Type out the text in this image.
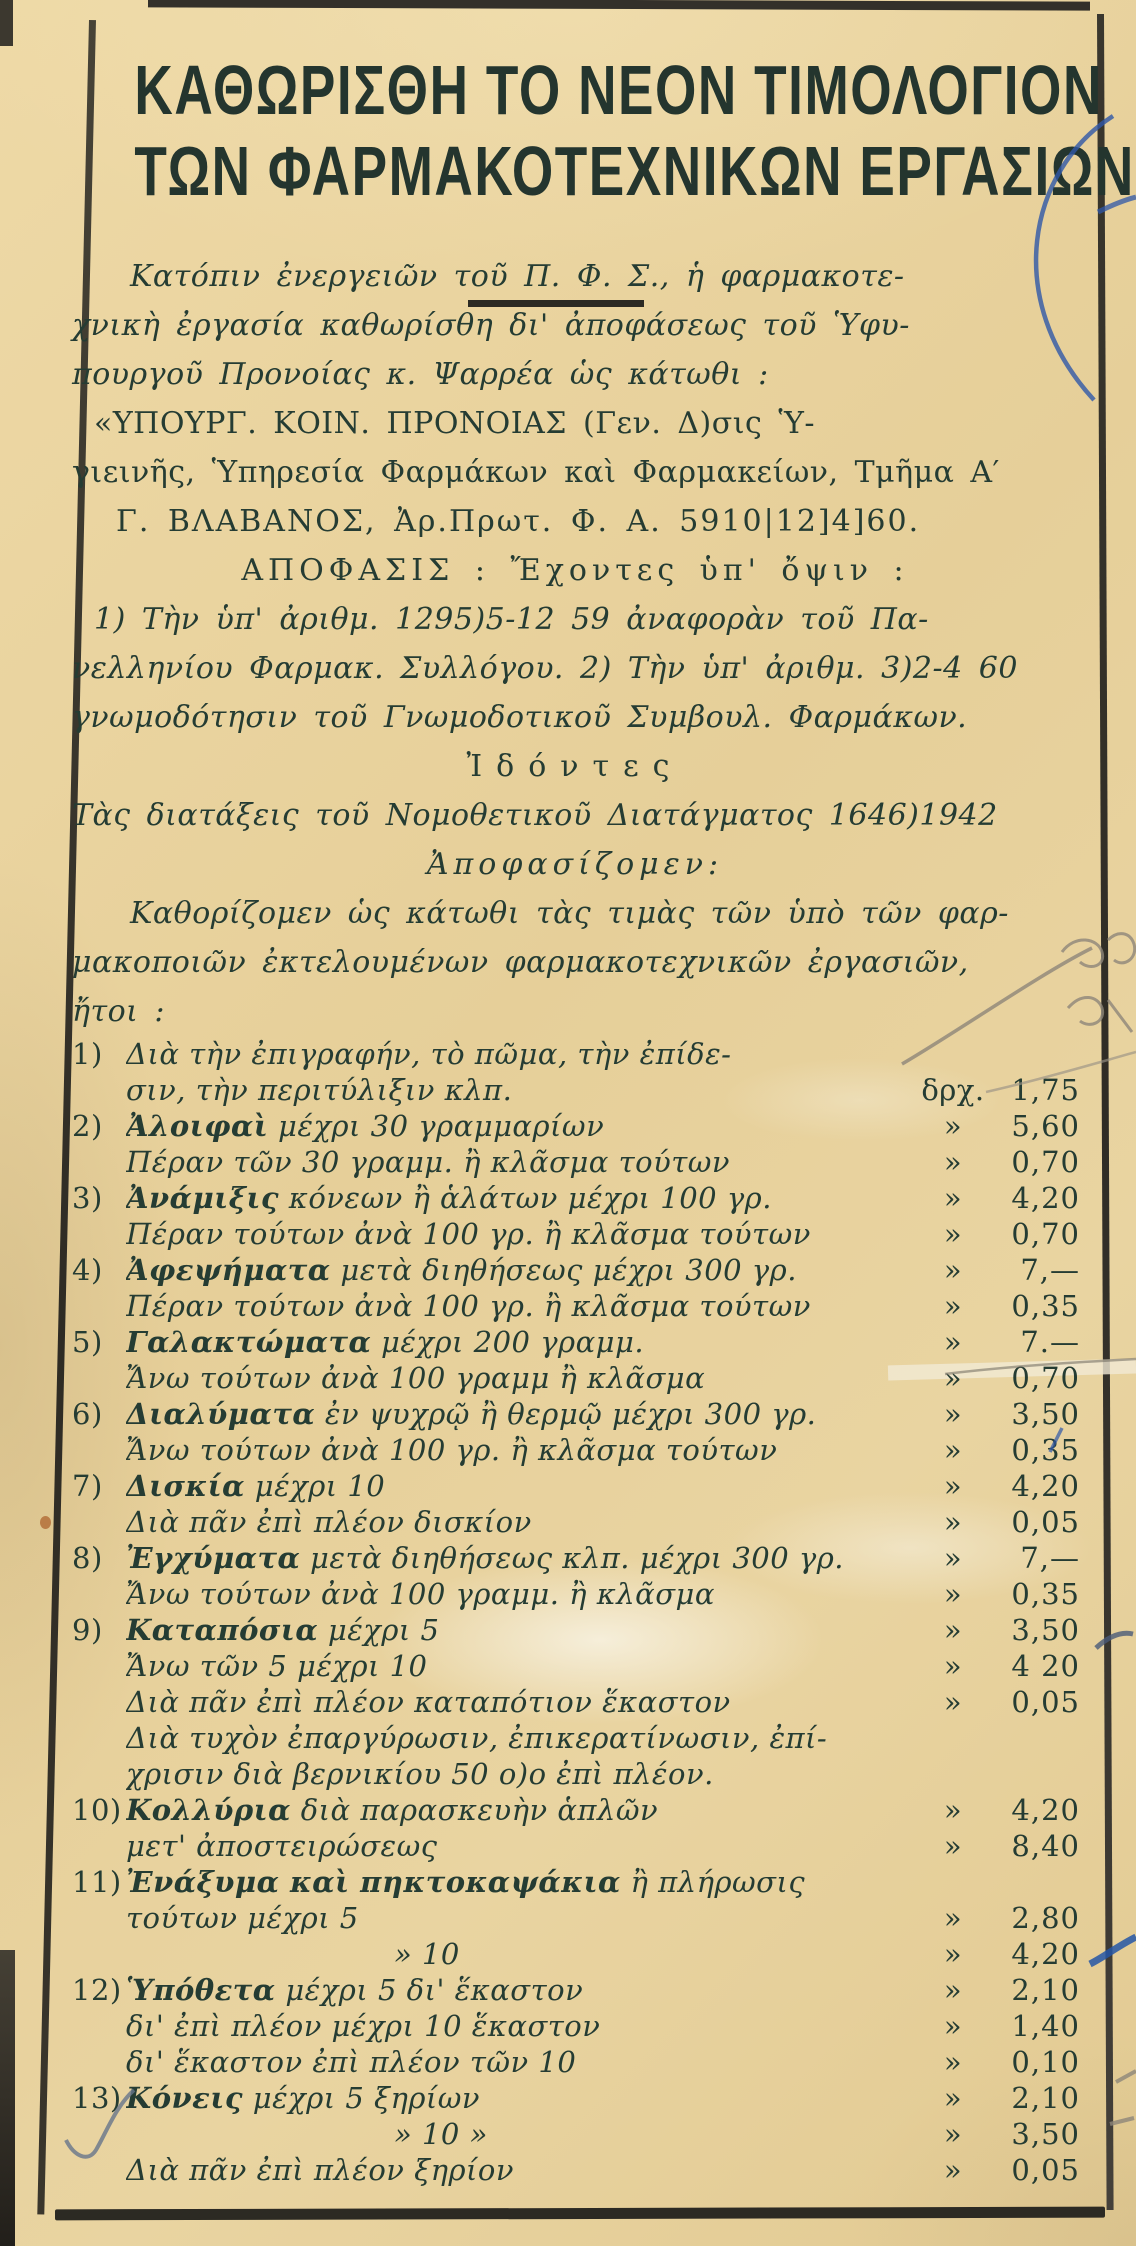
ΚΑΘΩΡΙΣΘΗ ΤΟ ΝΕΟΝ ΤΙΜΟΛΟΓΙΟΝ
ΤΩΝ ΦΑΡΜΑΚΟΤΕΧΝΙΚΩΝ ΕΡΓΑΣΙΩΝ
Κατόπιν ἐνεργειῶν τοῦ Π. Φ. Σ., ἡ φαρμακοτε-
χνικὴ ἐργασία καθωρίσθη δι' ἀποφάσεως τοῦ Ὑφυ-
πουργοῦ Προνοίας κ. Ψαρρέα ὡς κάτωθι :
«ΥΠΟΥΡΓ. ΚΟΙΝ. ΠΡΟΝΟΙΑΣ (Γεν. Δ)σις Ὑ-
γιεινῆς, Ὑπηρεσία Φαρμάκων καὶ Φαρμακείων, Τμῆμα Α′
Γ. ΒΛΑΒΑΝΟΣ, Ἀρ.Πρωτ. Φ. Α. 5910|12]4]60.
ΑΠΟΦΑΣΙΣ : Ἔχοντες ὑπ' ὄψιν :
1) Τὴν ὑπ' ἀριθμ. 1295)5-12 59 ἀναφορὰν τοῦ Πα-
νελληνίου Φαρμακ. Συλλόγου. 2) Τὴν ὑπ' ἀριθμ. 3)2-4 60
γνωμοδότησιν τοῦ Γνωμοδοτικοῦ Συμβουλ. Φαρμάκων.
Ἰδόντες
Τὰς διατάξεις τοῦ Νομοθετικοῦ Διατάγματος 1646)1942
Ἀποφασίζομεν:
Καθορίζομεν ὡς κάτωθι τὰς τιμὰς τῶν ὑπὸ τῶν φαρ-
μακοποιῶν ἐκτελουμένων φαρμακοτεχνικῶν ἐργασιῶν,
ἤτοι :
1) Διὰ τὴν ἐπιγραφήν, τὸ πῶμα, τὴν ἐπίδε-
σιν, τὴν περιτύλιξιν κλπ.	δρχ. 1,75
2) Ἀλοιφαὶ μέχρι 30 γραμμαρίων	»	5,60
Πέραν τῶν 30 γραμμ. ἢ κλᾶσμα τούτων	»	0,70
3) Ἀνάμιξις κόνεων ἢ ἁλάτων μέχρι 100 γρ.	»	4,20
Πέραν τούτων ἀνὰ 100 γρ. ἢ κλᾶσμα τούτων	»	0,70
4) Ἀφεψήματα μετὰ διηθήσεως μέχρι 300 γρ.	»	7,—
Πέραν τούτων ἀνὰ 100 γρ. ἢ κλᾶσμα τούτων	»	0,35
5) Γαλακτώματα μέχρι 200 γραμμ.	»	7.—
Ἄνω τούτων ἀνὰ 100 γραμμ ἢ κλᾶσμα	»	0,70
6) Διαλύματα ἐν ψυχρῷ ἢ θερμῷ μέχρι 300 γρ.	»	3,50
Ἄνω τούτων ἀνὰ 100 γρ. ἢ κλᾶσμα τούτων	»	0,35
7) Δισκία μέχρι 10	»	4,20
Διὰ πᾶν ἐπὶ πλέον δισκίον	»	0,05
8) Ἐγχύματα μετὰ διηθήσεως κλπ. μέχρι 300 γρ.	»	7,—
Ἄνω τούτων ἀνὰ 100 γραμμ. ἢ κλᾶσμα	»	0,35
9) Καταπόσια μέχρι 5	»	3,50
Ἄνω τῶν 5 μέχρι 10	»	4 20
Διὰ πᾶν ἐπὶ πλέον καταπότιον ἕκαστον	»	0,05
Διὰ τυχὸν ἐπαργύρωσιν, ἐπικερατίνωσιν, ἐπί-
χρισιν διὰ βερνικίου 50 ο)ο ἐπὶ πλέον.
10) Κολλύρια διὰ παρασκευὴν ἁπλῶν	»	4,20
μετ' ἀποστειρώσεως	»	8,40
11) Ἐνάξυμα καὶ πηκτοκαψάκια ἢ πλήρωσις
τούτων μέχρι 5	»	2,80
» 10	»	4,20
12) Ὑπόθετα μέχρι 5 δι' ἕκαστον	»	2,10
δι' ἐπὶ πλέον μέχρι 10 ἕκαστον	»	1,40
δι' ἕκαστον ἐπὶ πλέον τῶν 10	»	0,10
13) Κόνεις μέχρι 5 ξηρίων	»	2,10
» 10 »	»	3,50
Διὰ πᾶν ἐπὶ πλέον ξηρίον	»	0,05
